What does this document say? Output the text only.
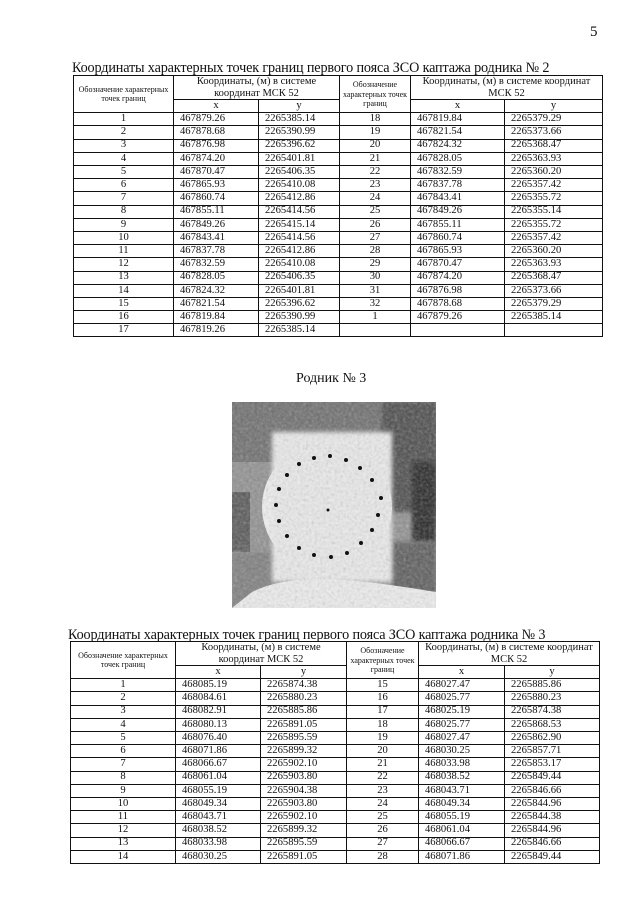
5
Координаты характерных точек границ первого пояса ЗСО каптажа родника № 2
Обозначение характерных точек границ	Координаты, (м) в системе координат МСК 52		Обозначение характерных точек границ	Координаты, (м) в системе координат МСК 52	
	x	y		x	y
1	467879.26	2265385.14	18	467819.84	2265379.29
2	467878.68	2265390.99	19	467821.54	2265373.66
3	467876.98	2265396.62	20	467824.32	2265368.47
4	467874.20	2265401.81	21	467828.05	2265363.93
5	467870.47	2265406.35	22	467832.59	2265360.20
6	467865.93	2265410.08	23	467837.78	2265357.42
7	467860.74	2265412.86	24	467843.41	2265355.72
8	467855.11	2265414.56	25	467849.26	2265355.14
9	467849.26	2265415.14	26	467855.11	2265355.72
10	467843.41	2265414.56	27	467860.74	2265357.42
11	467837.78	2265412.86	28	467865.93	2265360.20
12	467832.59	2265410.08	29	467870.47	2265363.93
13	467828.05	2265406.35	30	467874.20	2265368.47
14	467824.32	2265401.81	31	467876.98	2265373.66
15	467821.54	2265396.62	32	467878.68	2265379.29
16	467819.84	2265390.99	1	467879.26	2265385.14
17	467819.26	2265385.14			
Родник № 3
Координаты характерных точек границ первого пояса ЗСО каптажа родника № 3
Обозначение характерных точек границ	Координаты, (м) в системе координат МСК 52		Обозначение характерных точек границ	Координаты, (м) в системе координат МСК 52	
	x	y		x	y
1	468085.19	2265874.38	15	468027.47	2265885.86
2	468084.61	2265880.23	16	468025.77	2265880.23
3	468082.91	2265885.86	17	468025.19	2265874.38
4	468080.13	2265891.05	18	468025.77	2265868.53
5	468076.40	2265895.59	19	468027.47	2265862.90
6	468071.86	2265899.32	20	468030.25	2265857.71
7	468066.67	2265902.10	21	468033.98	2265853.17
8	468061.04	2265903.80	22	468038.52	2265849.44
9	468055.19	2265904.38	23	468043.71	2265846.66
10	468049.34	2265903.80	24	468049.34	2265844.96
11	468043.71	2265902.10	25	468055.19	2265844.38
12	468038.52	2265899.32	26	468061.04	2265844.96
13	468033.98	2265895.59	27	468066.67	2265846.66
14	468030.25	2265891.05	28	468071.86	2265849.44
